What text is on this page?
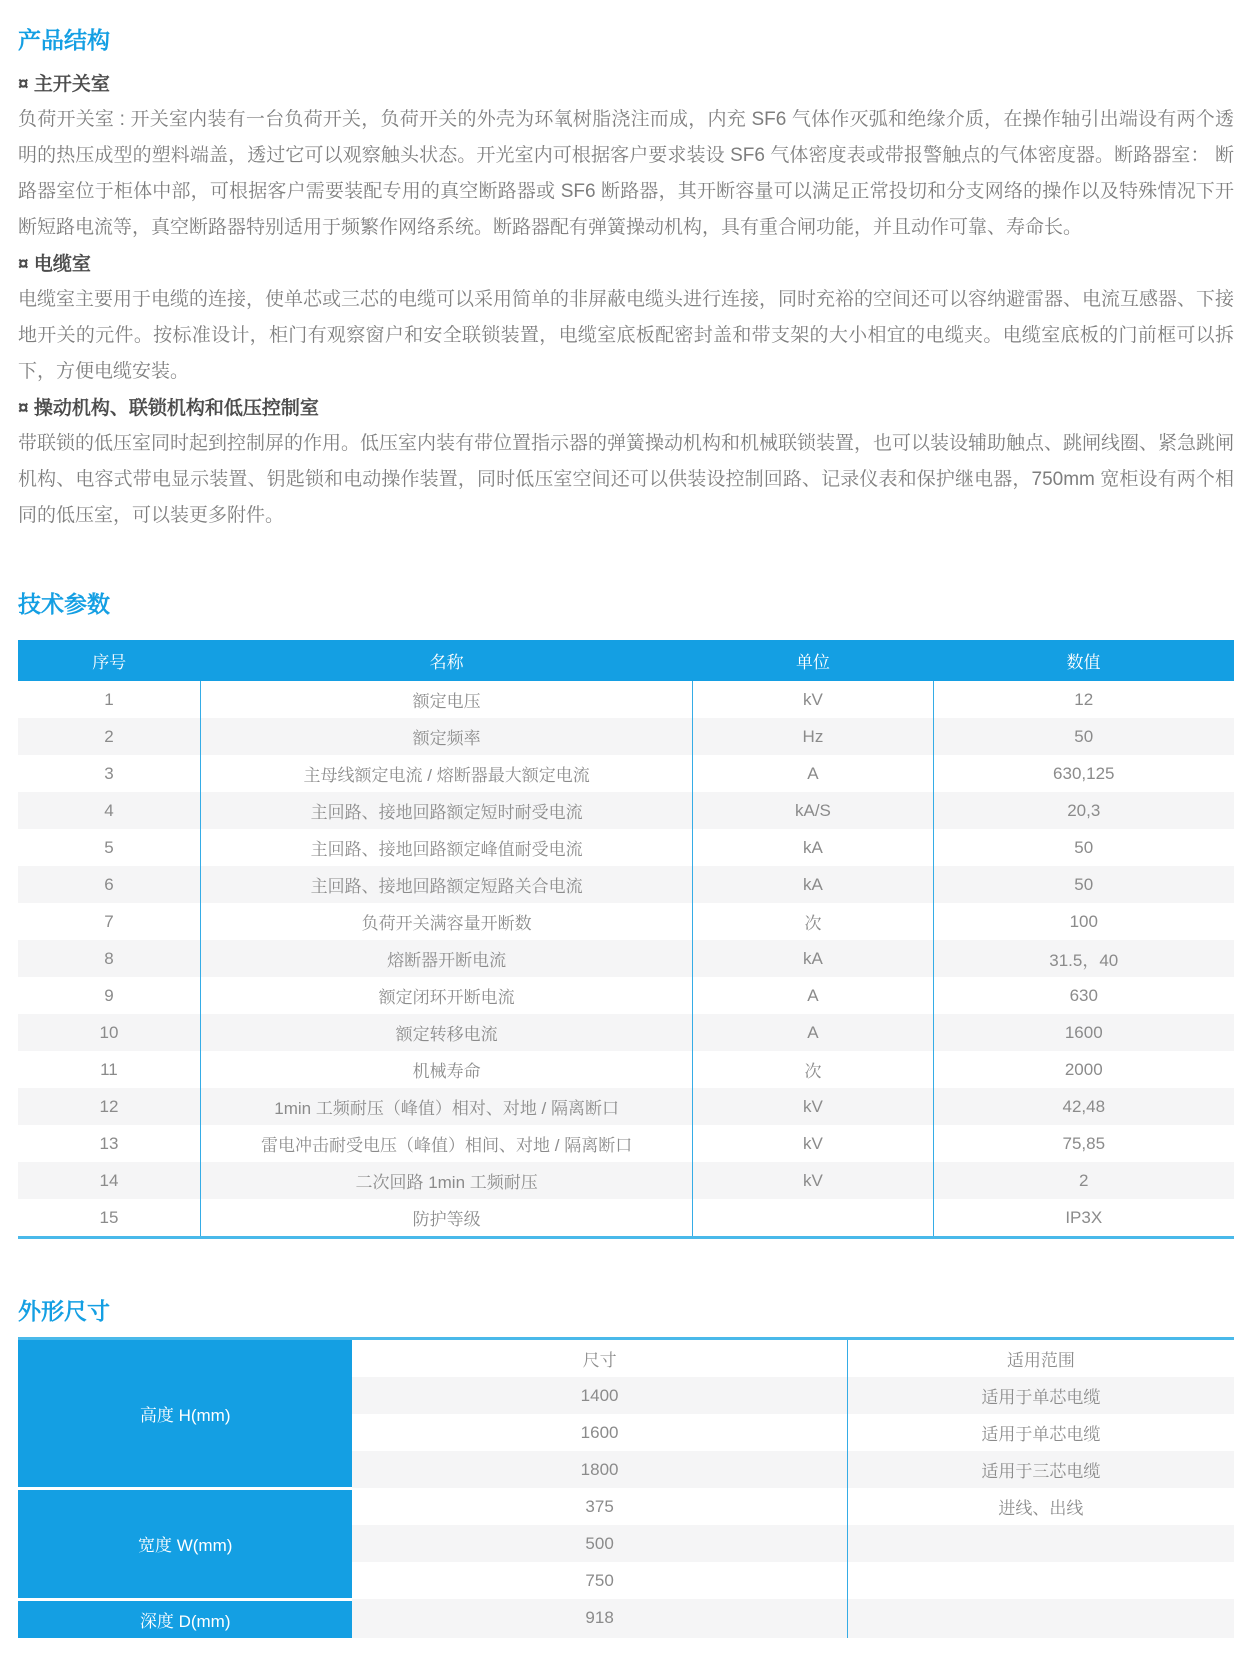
产品结构
¤ 主开关室

负荷开关室 : 开关室内装有一台负荷开关，负荷开关的外壳为环氧树脂浇注而成，内充 SF6 气体作灭弧和绝缘介质，在操作轴引出端设有两个透明的热压成型的塑料端盖，透过它可以观察触头状态。开光室内可根据客户要求装设 SF6 气体密度表或带报警触点的气体密度器。断路器室： 断路器室位于柜体中部，可根据客户需要装配专用的真空断路器或 SF6 断路器，其开断容量可以满足正常投切和分支网络的操作以及特殊情况下开断短路电流等，真空断路器特别适用于频繁作网络系统。断路器配有弹簧操动机构，具有重合闸功能，并且动作可靠、寿命长。

¤ 电缆室

电缆室主要用于电缆的连接，使单芯或三芯的电缆可以采用简单的非屏蔽电缆头进行连接，同时充裕的空间还可以容纳避雷器、电流互感器、下接地开关的元件。按标准设计，柜门有观察窗户和安全联锁装置，电缆室底板配密封盖和带支架的大小相宜的电缆夹。电缆室底板的门前框可以拆下，方便电缆安装。

¤ 操动机构、联锁机构和低压控制室

带联锁的低压室同时起到控制屏的作用。低压室内装有带位置指示器的弹簧操动机构和机械联锁装置，也可以装设辅助触点、跳闸线圈、紧急跳闸机构、电容式带电显示装置、钥匙锁和电动操作装置，同时低压室空间还可以供装设控制回路、记录仪表和保护继电器，750mm 宽柜设有两个相同的低压室，可以装更多附件。

技术参数
序号	名称	单位	数值
1	额定电压	kV	12
2	额定频率	Hz	50
3	主母线额定电流 / 熔断器最大额定电流	A	630,125
4	主回路、接地回路额定短时耐受电流	kA/S	20,3
5	主回路、接地回路额定峰值耐受电流	kA	50
6	主回路、接地回路额定短路关合电流	kA	50
7	负荷开关满容量开断数	次	100
8	熔断器开断电流	kA	31.5，40
9	额定闭环开断电流	A	630
10	额定转移电流	A	1600
11	机械寿命	次	2000
12	1min 工频耐压（峰值）相对、对地 / 隔离断口	kV	42,48
13	雷电冲击耐受电压（峰值）相间、对地 / 隔离断口	kV	75,85
14	二次回路 1min 工频耐压	kV	2
15	防护等级		IP3X
外形尺寸
高度 H(mm)	尺寸	适用范围
	1400	适用于单芯电缆
	1600	适用于单芯电缆
	1800	适用于三芯电缆
宽度 W(mm)	375	进线、出线
	500	
	750	
深度 D(mm)	918	
